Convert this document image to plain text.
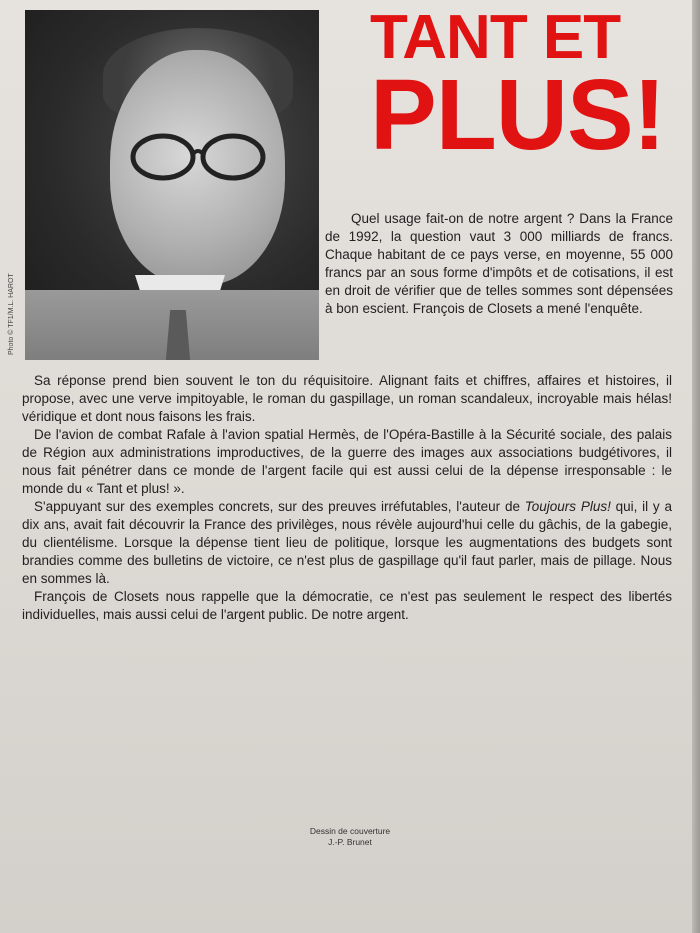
Photo © TF1/M.L. HAROT
TANT ET
PLUS!

Quel usage fait-on de notre argent ? Dans la France de 1992, la question vaut 3 000 milliards de francs. Chaque habitant de ce pays verse, en moyenne, 55 000 francs par an sous forme d'impôts et de cotisations, il est en droit de vérifier que de telles sommes sont dépensées à bon escient. François de Closets a mené l'enquête.

Sa réponse prend bien souvent le ton du réquisitoire. Alignant faits et chiffres, affaires et histoires, il propose, avec une verve impitoyable, le roman du gaspillage, un roman scandaleux, incroyable mais hélas! véridique et dont nous faisons les frais.

De l'avion de combat Rafale à l'avion spatial Hermès, de l'Opéra-Bastille à la Sécurité sociale, des palais de Région aux administrations improductives, de la guerre des images aux associations budgétivores, il nous fait pénétrer dans ce monde de l'argent facile qui est aussi celui de la dépense irresponsable : le monde du « Tant et plus! ».

S'appuyant sur des exemples concrets, sur des preuves irréfutables, l'auteur de Toujours Plus! qui, il y a dix ans, avait fait découvrir la France des privilèges, nous révèle aujourd'hui celle du gâchis, de la gabegie, du clientélisme. Lorsque la dépense tient lieu de politique, lorsque les augmentations des budgets sont brandies comme des bulletins de victoire, ce n'est plus de gaspillage qu'il faut parler, mais de pillage. Nous en sommes là.

François de Closets nous rappelle que la démocratie, ce n'est pas seulement le respect des libertés individuelles, mais aussi celui de l'argent public. De notre argent.

Dessin de couverture
J.-P. Brunet
